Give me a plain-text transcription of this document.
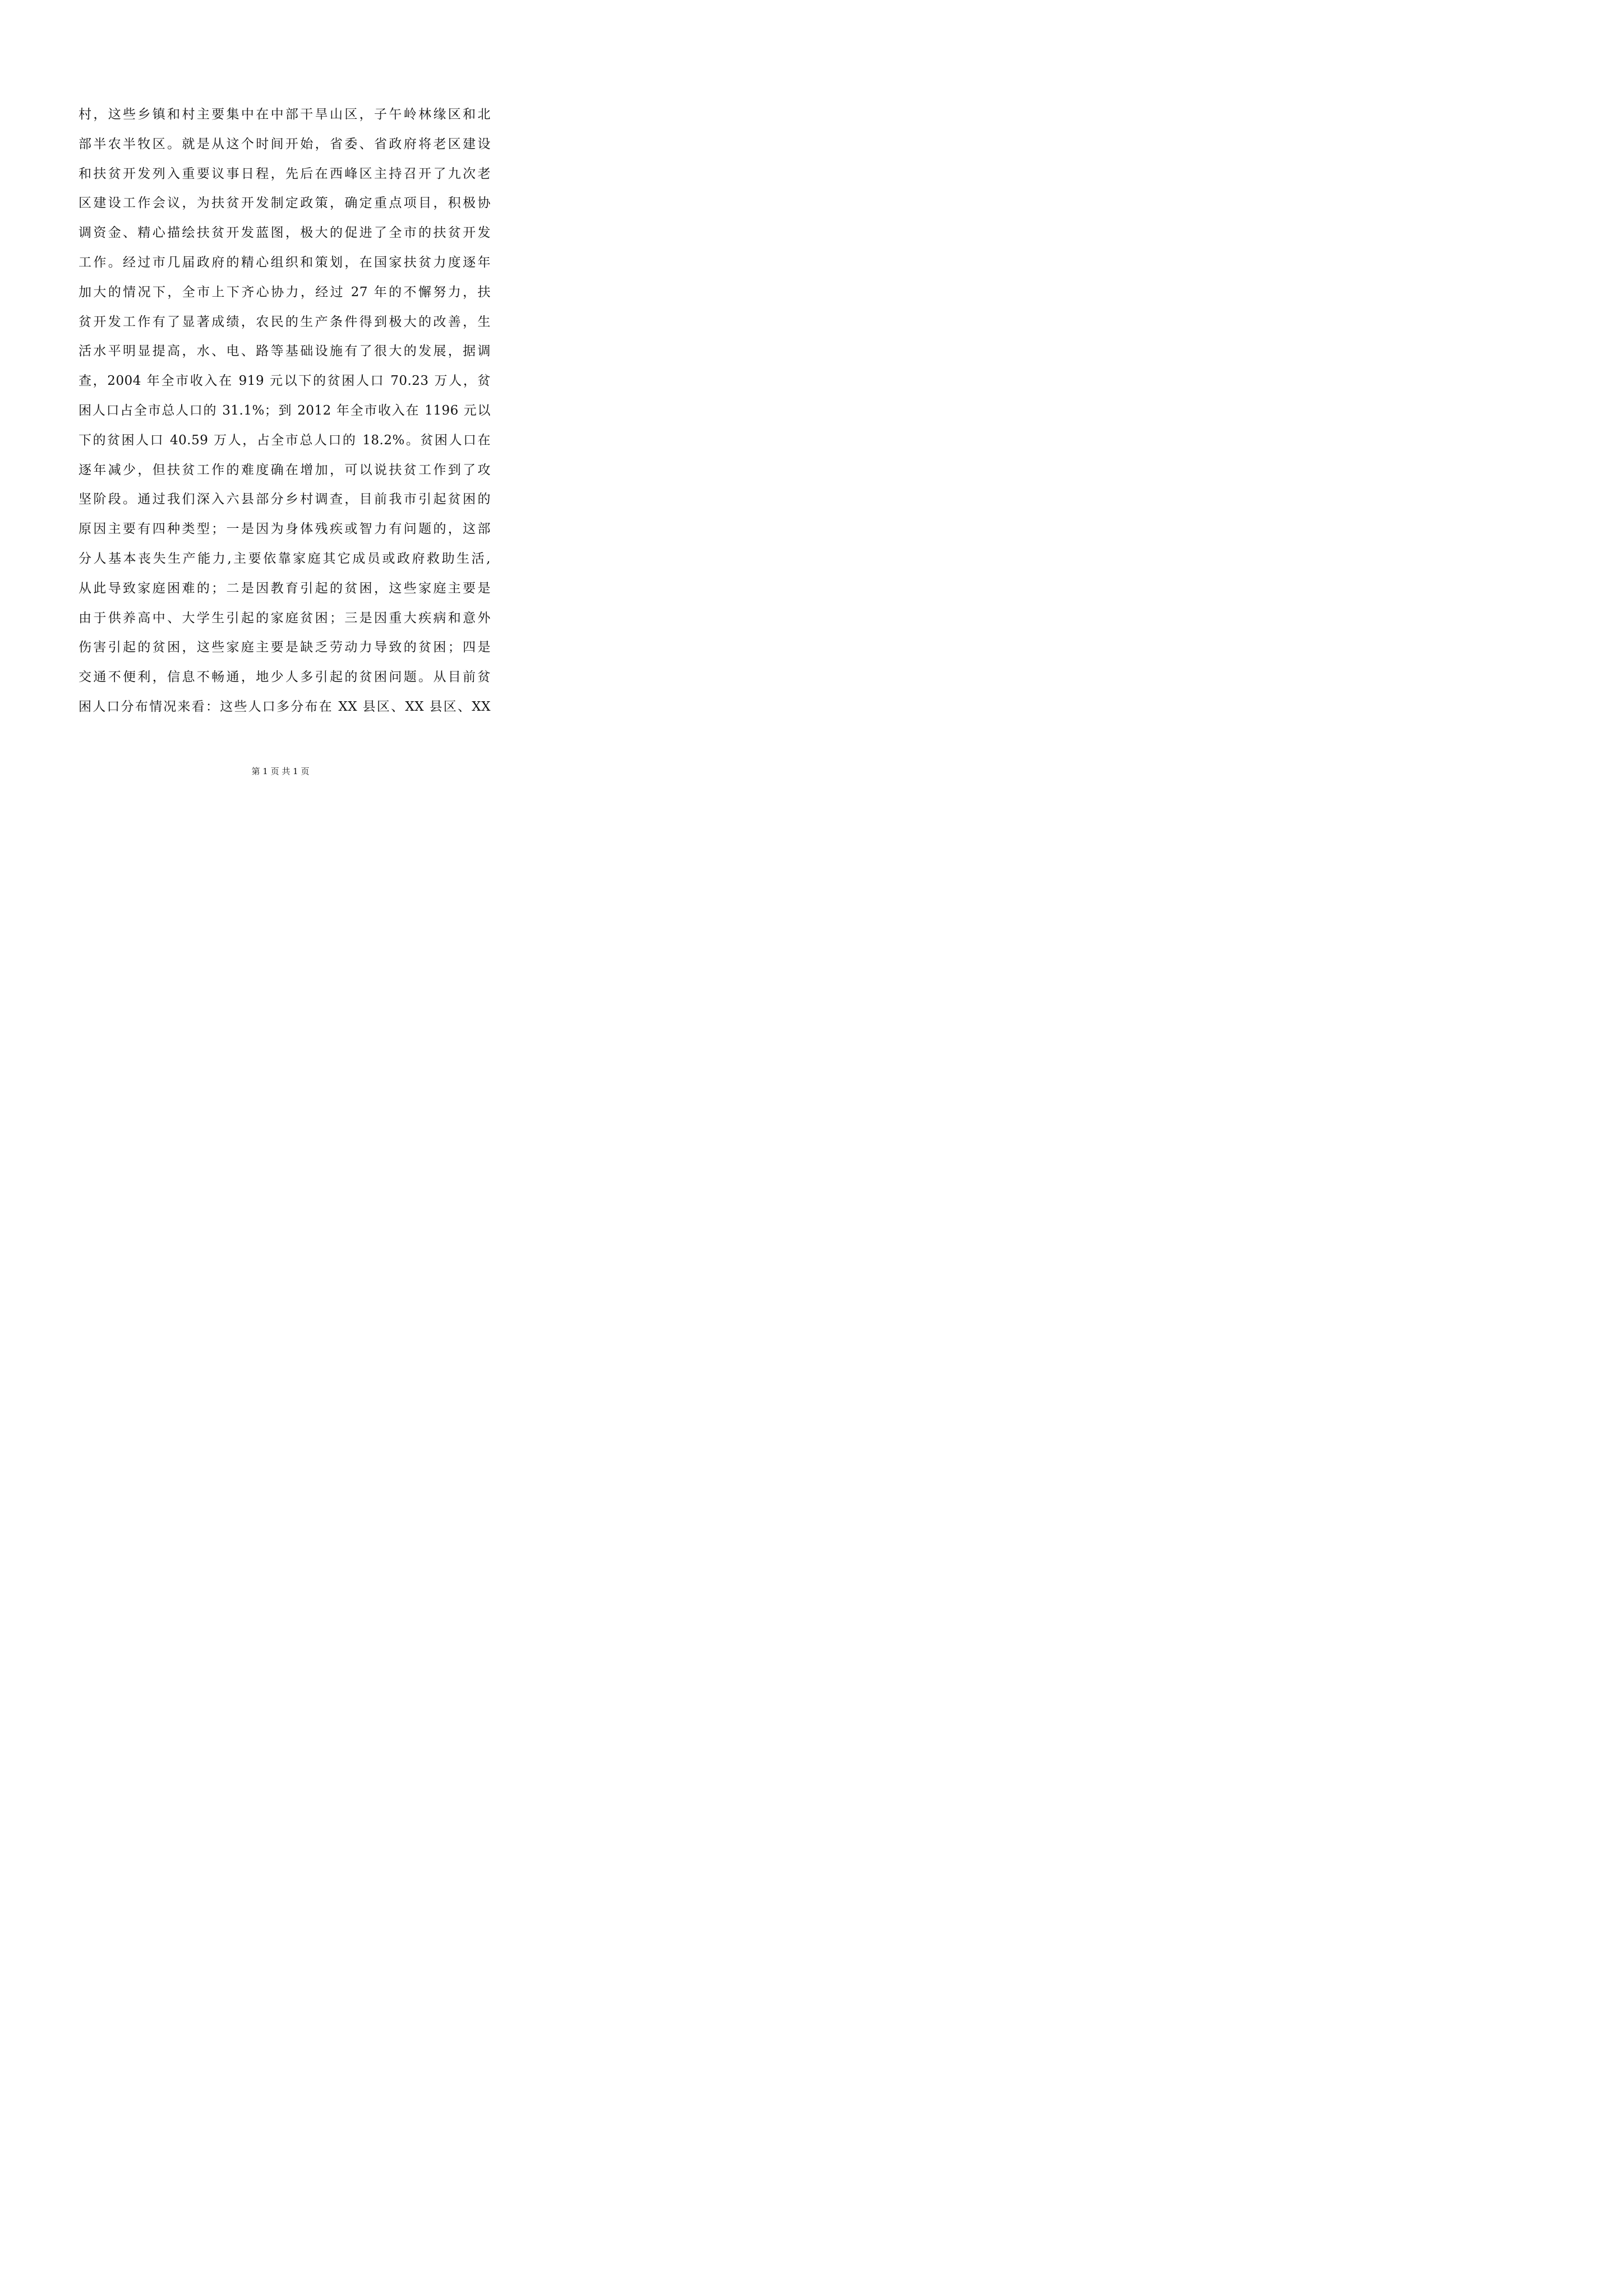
村，这些乡镇和村主要集中在中部干旱山区，子午岭林缘区和北
部半农半牧区。就是从这个时间开始，省委、省政府将老区建设
和扶贫开发列入重要议事日程，先后在西峰区主持召开了九次老
区建设工作会议，为扶贫开发制定政策，确定重点项目，积极协
调资金、精心描绘扶贫开发蓝图，极大的促进了全市的扶贫开发
工作。经过市几届政府的精心组织和策划，在国家扶贫力度逐年
加大的情况下，全市上下齐心协力，经过 27 年的不懈努力，扶
贫开发工作有了显著成绩，农民的生产条件得到极大的改善，生
活水平明显提高，水、电、路等基础设施有了很大的发展，据调
查，2004 年全市收入在 919 元以下的贫困人口 70.23 万人，贫
困人口占全市总人口的 31.1%；到 2012 年全市收入在 1196 元以
下的贫困人口 40.59 万人，占全市总人口的 18.2%。贫困人口在
逐年减少，但扶贫工作的难度确在增加，可以说扶贫工作到了攻
坚阶段。通过我们深入六县部分乡村调查，目前我市引起贫困的
原因主要有四种类型；一是因为身体残疾或智力有问题的，这部
分人基本丧失生产能力,主要依靠家庭其它成员或政府救助生活,
从此导致家庭困难的；二是因教育引起的贫困，这些家庭主要是
由于供养高中、大学生引起的家庭贫困；三是因重大疾病和意外
伤害引起的贫困，这些家庭主要是缺乏劳动力导致的贫困；四是
交通不便利，信息不畅通，地少人多引起的贫困问题。从目前贫
困人口分布情况来看：这些人口多分布在 XX 县区、XX 县区、XX
第 1 页 共 1 页
